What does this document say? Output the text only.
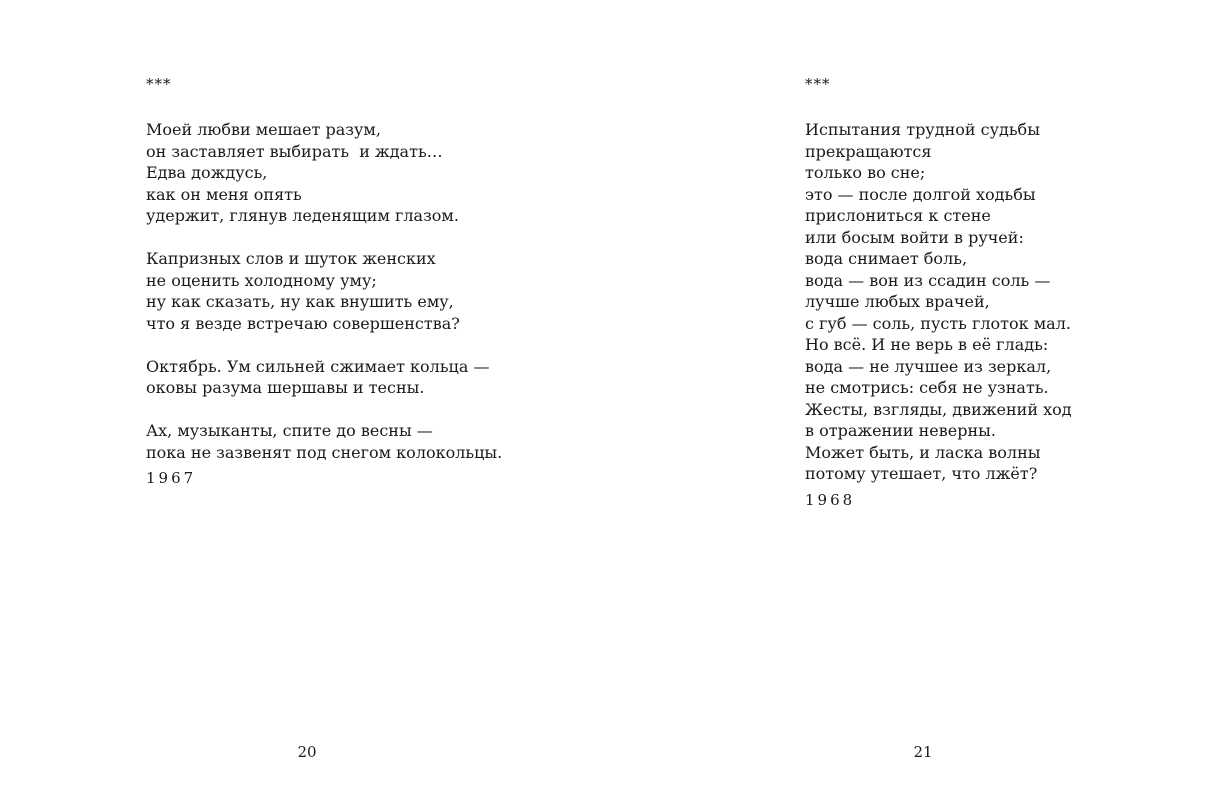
***
Моей любви мешает разум,
он заставляет выбирать  и ждать…
Едва дождусь,
как он меня опять
удержит, глянув леденящим глазом.
Капризных слов и шуток женских
не оценить холодному уму;
ну как сказать, ну как внушить ему,
что я везде встречаю совершенства?
Октябрь. Ум сильней сжимает кольца —
оковы разума шершавы и тесны.
Ах, музыканты, спите до весны —
пока не зазвенят под снегом колокольцы.
1967
20
***
Испытания трудной судьбы
прекращаются
только во сне;
это — после долгой ходьбы
прислониться к стене
или босым войти в ручей:
вода снимает боль,
вода — вон из ссадин соль —
лучше любых врачей,
с губ — соль, пусть глоток мал.
Но всё. И не верь в её гладь:
вода — не лучшее из зеркал,
не смотрись: себя не узнать.
Жесты, взгляды, движений ход
в отражении неверны.
Может быть, и ласка волны
потому утешает, что лжёт?
1968
21
